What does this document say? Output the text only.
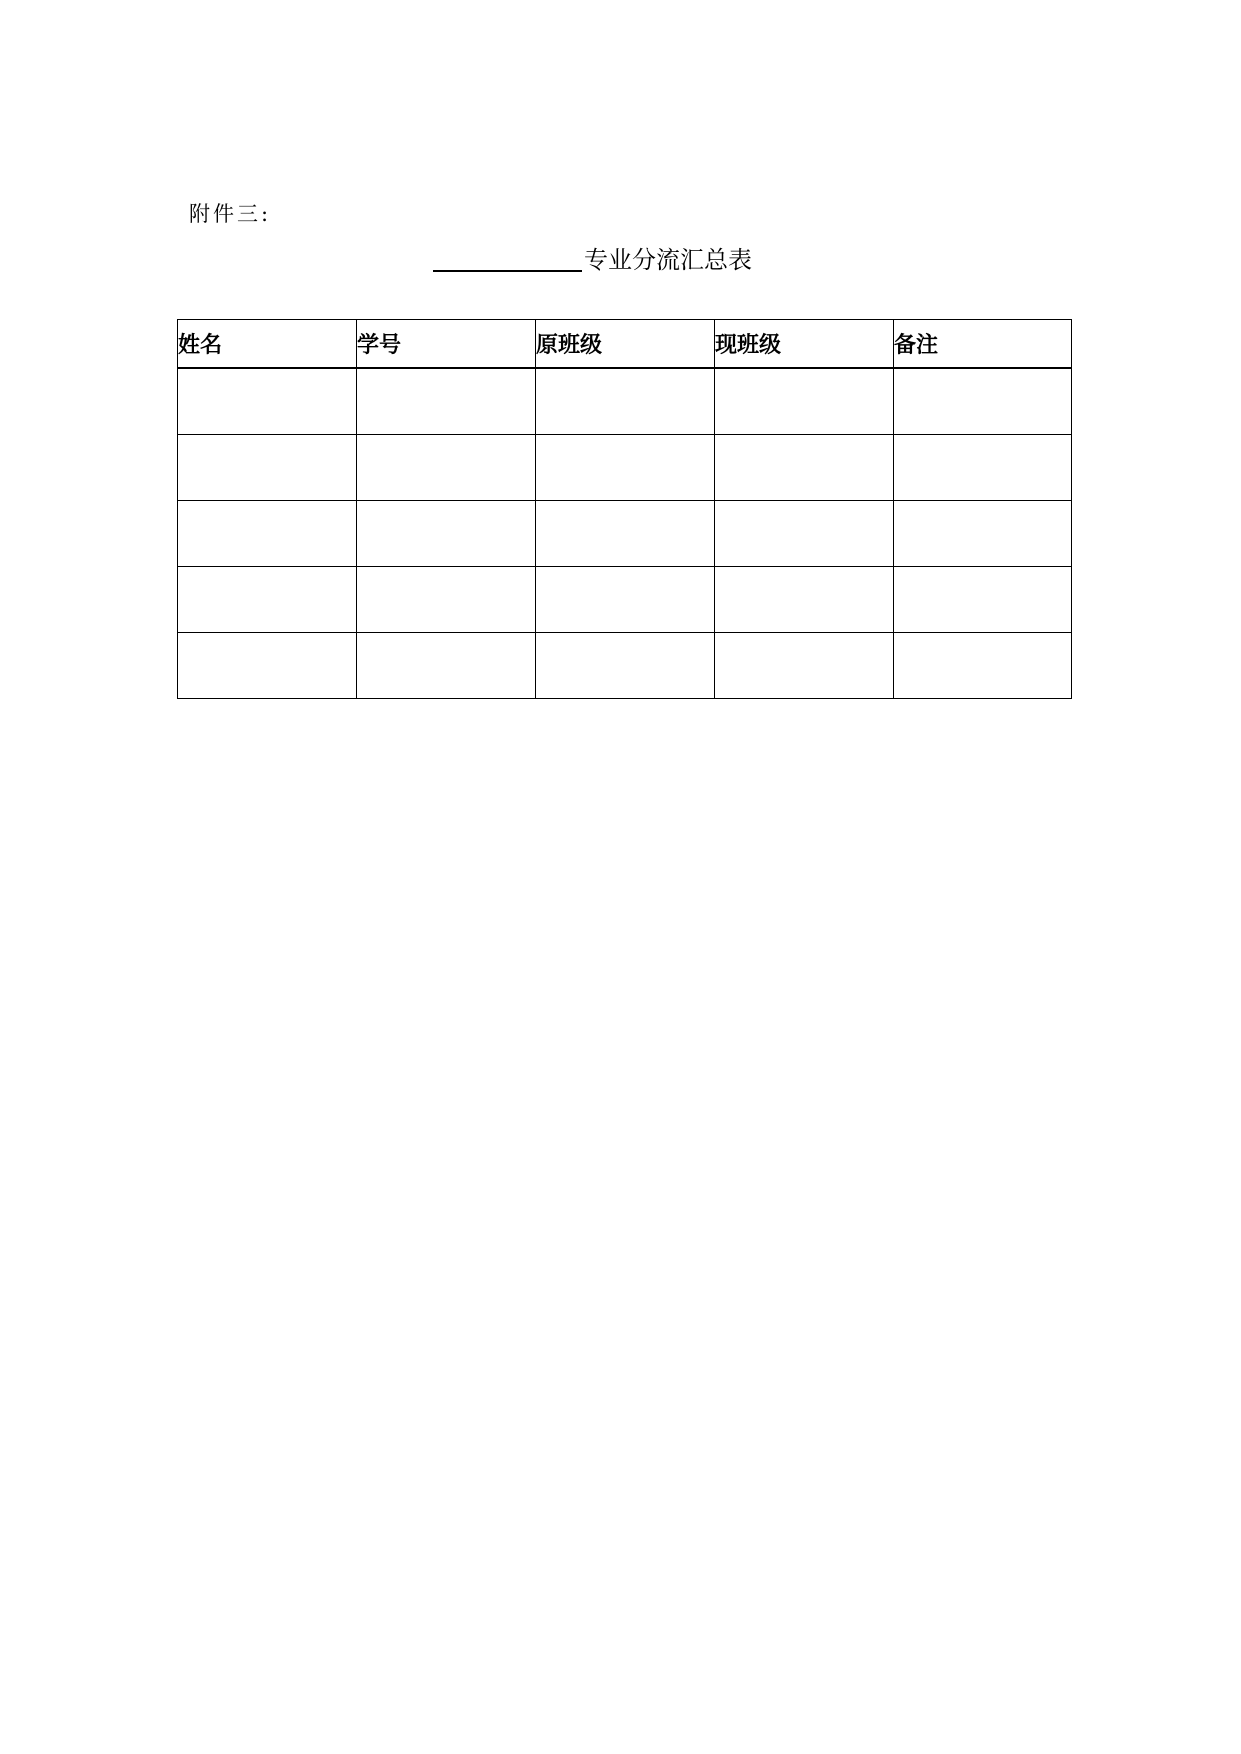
附件三:
专业分流汇总表
姓名	学号	原班级	现班级	备注
